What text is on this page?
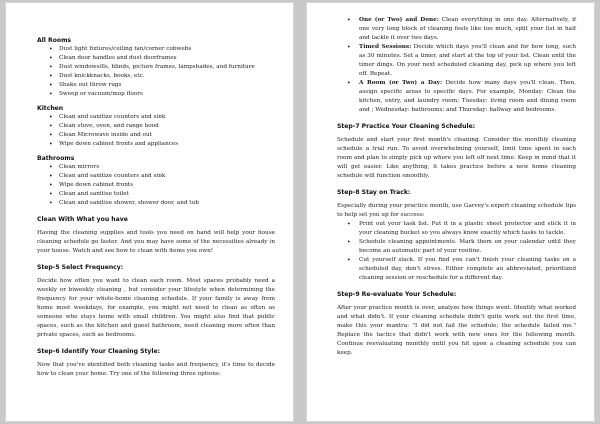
All Rooms
• Dust light fixtures/ceiling fan/corner cobwebs
• Clean door handles and dust doorframes
• Dust windowsills, blinds, picture frames, lampshades, and furniture
• Dust knickknacks, books, etc.
• Shake out throw rugs
• Sweep or vacuum/mop floors
Kitchen
• Clean and sanitize counters and sink
• Clean stove, oven, and range hood
• Clean Microwave inside and out
• Wipe down cabinet fronts and appliances
Bathrooms
• Clean mirrors
• Clean and sanitize counters and sink
• Wipe down cabinet fronts
• Clean and sanitise toilet
• Clean and sanitise shower, shower door, and tub
Clean With What you have

Having the cleaning supplies and tools you need on hand will help your house cleaning schedule go faster. And you may have some of the necessities already in your house. Watch and see how to clean with items you own!

Step-5 Select Frequency:

Decide how often you want to clean each room. Most spaces probably need a weekly or biweekly cleaning , but consider your lifestyle when determining the frequency for your whole-home cleaning schedule. If your family is away from home most weekdays, for example, you might not need to clean as often as someone who stays home with small children. You might also find that public spaces, such as the kitchen and guest bathroom, need cleaning more often than private spaces, such as bedrooms.

Step-6 Identify Your Cleaning Style:

Now that you've identified both cleaning tasks and frequency, it's time to decide how to clean your home. Try one of the following three options:

• One (or Two) and Done: Clean everything in one day. Alternatively, if one very long block of cleaning feels like too much, split your list in half and tackle it over two days.
• Timed Sessions: Decide which days you'll clean and for how long, such as 30 minutes. Set a timer, and start at the top of your list. Clean until the timer dings. On your next scheduled cleaning day, pick up where you left off. Repeat.
• A Room (or Two) a Day: Decide how many days you'll clean. Then, assign specific areas to specific days. For example, Monday: Clean the kitchen, entry, and laundry room; Tuesday: living room and dining room and ; Wednesday: bathrooms; and Thursday: hallway and bedrooms.
Step-7 Practice Your Cleaning Schedule:

Schedule and start your first month's cleaning. Consider the monthly cleaning schedule a trial run. To avoid overwhelming yourself, limit time spent in each room and plan to simply pick up where you left off next time. Keep in mind that it will get easier. Like anything, it takes practice before a new home cleaning schedule will function smoothly.

Step-8 Stay on Track:

Especially during your practice month, use Garvey's expert cleaning schedule tips to help set you up for success:

• Print out your task list. Put it in a plastic sheet protector and stick it in your cleaning bucket so you always know exactly which tasks to tackle.
• Schedule cleaning appointments. Mark them on your calendar until they become an automatic part of your routine.
• Cut yourself slack. If you find you can't finish your cleaning tasks on a scheduled day, don't stress. Either complete an abbreviated, prioritized cleaning session or reschedule for a different day.
Step-9 Re-evaluate Your Schedule:

After your practice month is over, analyze how things went. Identify what worked and what didn't. If your cleaning schedule didn't quite work out the first time, make this your mantra: "I did not fail the schedule; the schedule failed me." Replace the tactics that didn't work with new ones for the following month. Continue reevaluating monthly until you hit upon a cleaning schedule you can keep.
